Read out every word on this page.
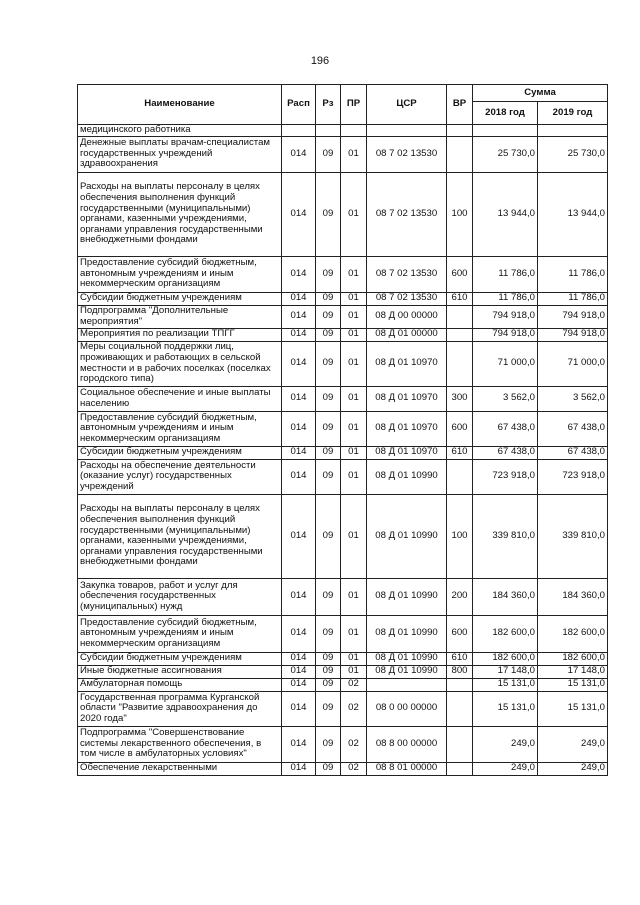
196
Наименование	Расп	Рз	ПР	ЦСР	ВР	Сумма	
						2018 год	2019 год
медицинского работника							
Денежные выплаты врачам-специалистам государственных учреждений здравоохранения	014	09	01	08 7 02 13530		25 730,0	25 730,0
Расходы на выплаты персоналу в целях обеспечения выполнения функций государственными (муниципальными) органами, казенными учреждениями, органами управления государственными внебюджетными фондами	014	09	01	08 7 02 13530	100	13 944,0	13 944,0
Предоставление субсидий бюджетным, автономным учреждениям и иным некоммерческим организациям	014	09	01	08 7 02 13530	600	11 786,0	11 786,0
Субсидии бюджетным учреждениям	014	09	01	08 7 02 13530	610	11 786,0	11 786,0
Подпрограмма "Дополнительные мероприятия"	014	09	01	08 Д 00 00000		794 918,0	794 918,0
Мероприятия по реализации ТПГГ	014	09	01	08 Д 01 00000		794 918,0	794 918,0
Меры социальной поддержки лиц, проживающих и работающих в сельской местности и в рабочих поселках (поселках городского типа)	014	09	01	08 Д 01 10970		71 000,0	71 000,0
Социальное обеспечение и иные выплаты населению	014	09	01	08 Д 01 10970	300	3 562,0	3 562,0
Предоставление субсидий бюджетным, автономным учреждениям и иным некоммерческим организациям	014	09	01	08 Д 01 10970	600	67 438,0	67 438,0
Субсидии бюджетным учреждениям	014	09	01	08 Д 01 10970	610	67 438,0	67 438,0
Расходы на обеспечение деятельности (оказание услуг) государственных учреждений	014	09	01	08 Д 01 10990		723 918,0	723 918,0
Расходы на выплаты персоналу в целях обеспечения выполнения функций государственными (муниципальными) органами, казенными учреждениями, органами управления государственными внебюджетными фондами	014	09	01	08 Д 01 10990	100	339 810,0	339 810,0
Закупка товаров, работ и услуг для обеспечения государственных (муниципальных) нужд	014	09	01	08 Д 01 10990	200	184 360,0	184 360,0
Предоставление субсидий бюджетным, автономным учреждениям и иным некоммерческим организациям	014	09	01	08 Д 01 10990	600	182 600,0	182 600,0
Субсидии бюджетным учреждениям	014	09	01	08 Д 01 10990	610	182 600,0	182 600,0
Иные бюджетные ассигнования	014	09	01	08 Д 01 10990	800	17 148,0	17 148,0
Амбулаторная помощь	014	09	02			15 131,0	15 131,0
Государственная программа Курганской области "Развитие здравоохранения до 2020 года"	014	09	02	08 0 00 00000		15 131,0	15 131,0
Подпрограмма "Совершенствование системы лекарственного обеспечения, в том числе в амбулаторных условиях"	014	09	02	08 8 00 00000		249,0	249,0
Обеспечение лекарственными	014	09	02	08 8 01 00000		249,0	249,0
